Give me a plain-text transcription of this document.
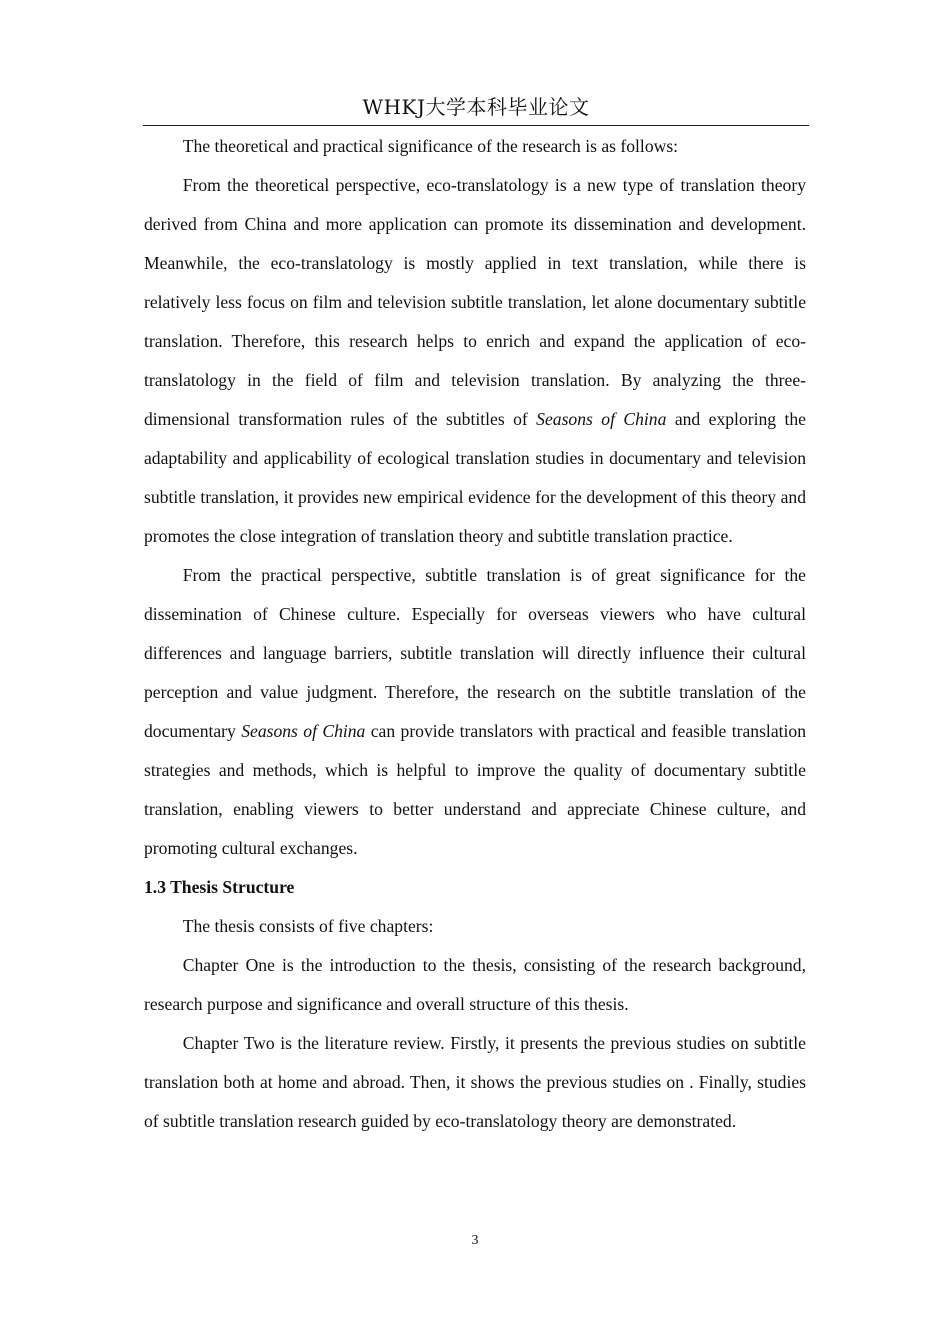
WHKJ大学本科毕业论文

The theoretical and practical significance of the research is as follows:

From the theoretical perspective, eco-translatology is a new type of translation theory derived from China and more application can promote its dissemination and development. Meanwhile, the eco-translatology is mostly applied in text translation, while there is relatively less focus on film and television subtitle translation, let alone documentary subtitle translation. Therefore, this research helps to enrich and expand the application of eco-translatology in the field of film and television translation. By analyzing the three-dimensional transformation rules of the subtitles of Seasons of China and exploring the adaptability and applicability of ecological translation studies in documentary and television subtitle translation, it provides new empirical evidence for the development of this theory and promotes the close integration of translation theory and subtitle translation practice.

From the practical perspective, subtitle translation is of great significance for the dissemination of Chinese culture. Especially for overseas viewers who have cultural differences and language barriers, subtitle translation will directly influence their cultural perception and value judgment. Therefore, the research on the subtitle translation of the documentary Seasons of China can provide translators with practical and feasible translation strategies and methods, which is helpful to improve the quality of documentary subtitle translation, enabling viewers to better understand and appreciate Chinese culture, and promoting cultural exchanges.

1.3 Thesis Structure

The thesis consists of five chapters:

Chapter One is the introduction to the thesis, consisting of the research background, research purpose and significance and overall structure of this thesis.

Chapter Two is the literature review. Firstly, it presents the previous studies on subtitle translation both at home and abroad. Then, it shows the previous studies on . Finally, studies of subtitle translation research guided by eco-translatology theory are demonstrated.

3
